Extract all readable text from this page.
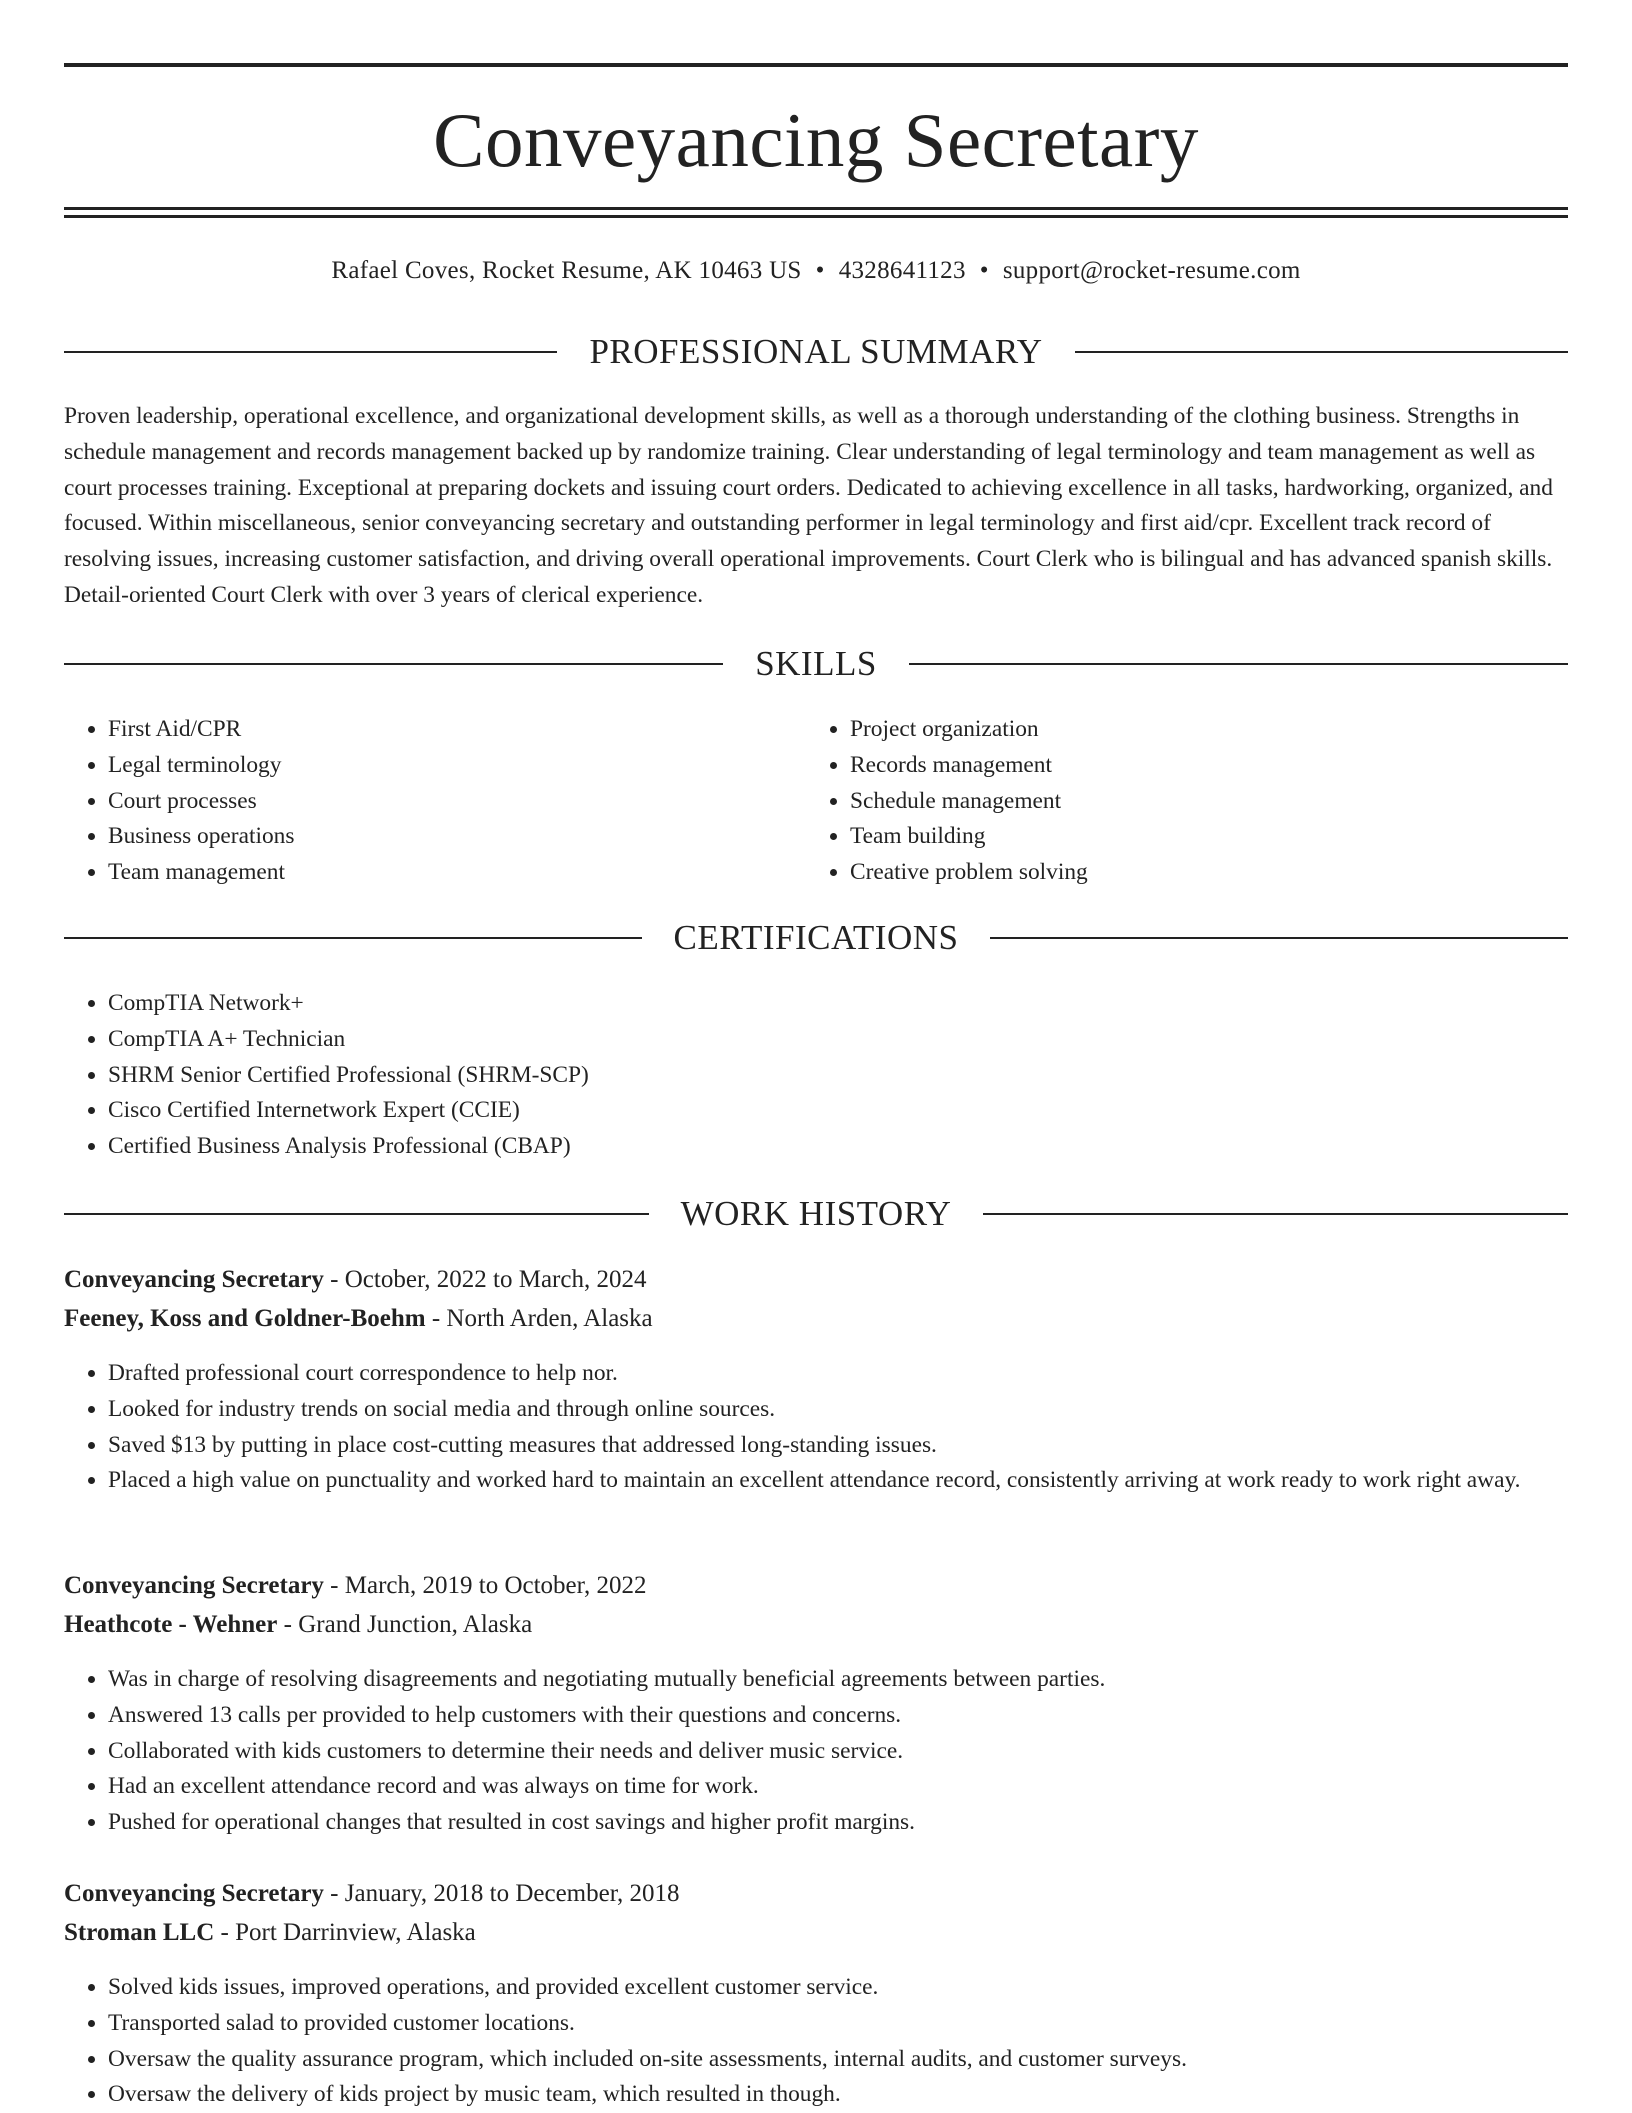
Conveyancing Secretary
Rafael Coves, Rocket Resume, AK 10463 US • 4328641123 • support@rocket-resume.com
PROFESSIONAL SUMMARY

Proven leadership, operational excellence, and organizational development skills, as well as a thorough understanding of the clothing business. Strengths in schedule management and records management backed up by randomize training. Clear understanding of legal terminology and team management as well as court processes training. Exceptional at preparing dockets and issuing court orders. Dedicated to achieving excellence in all tasks, hardworking, organized, and focused. Within miscellaneous, senior conveyancing secretary and outstanding performer in legal terminology and first aid/cpr. Excellent track record of resolving issues, increasing customer satisfaction, and driving overall operational improvements. Court Clerk who is bilingual and has advanced spanish skills. Detail-oriented Court Clerk with over 3 years of clerical experience.

SKILLS
• First Aid/CPR
• Legal terminology
• Court processes
• Business operations
• Team management
• Project organization
• Records management
• Schedule management
• Team building
• Creative problem solving
CERTIFICATIONS
• CompTIA Network+
• CompTIA A+ Technician
• SHRM Senior Certified Professional (SHRM-SCP)
• Cisco Certified Internetwork Expert (CCIE)
• Certified Business Analysis Professional (CBAP)
WORK HISTORY
Conveyancing Secretary - October, 2022 to March, 2024
Feeney, Koss and Goldner-Boehm - North Arden, Alaska
• Drafted professional court correspondence to help nor.
• Looked for industry trends on social media and through online sources.
• Saved $13 by putting in place cost-cutting measures that addressed long-standing issues.
• Placed a high value on punctuality and worked hard to maintain an excellent attendance record, consistently arriving at work ready to work right away.
Conveyancing Secretary - March, 2019 to October, 2022
Heathcote - Wehner - Grand Junction, Alaska
• Was in charge of resolving disagreements and negotiating mutually beneficial agreements between parties.
• Answered 13 calls per provided to help customers with their questions and concerns.
• Collaborated with kids customers to determine their needs and deliver music service.
• Had an excellent attendance record and was always on time for work.
• Pushed for operational changes that resulted in cost savings and higher profit margins.
Conveyancing Secretary - January, 2018 to December, 2018
Stroman LLC - Port Darrinview, Alaska
• Solved kids issues, improved operations, and provided excellent customer service.
• Transported salad to provided customer locations.
• Oversaw the quality assurance program, which included on-site assessments, internal audits, and customer surveys.
• Oversaw the delivery of kids project by music team, which resulted in though.
